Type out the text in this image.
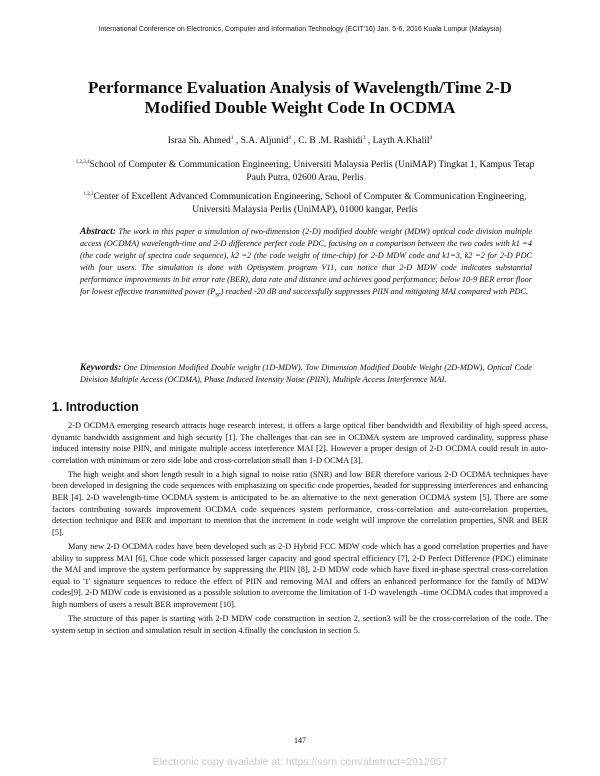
International Conference on Electronics, Computer and Information Technology (ECIT'16) Jan. 5-6, 2016 Kuala Lumpur (Malaysia)
Performance Evaluation Analysis of Wavelength/Time 2-D
Modified Double Weight Code In OCDMA
Israa Sh. Ahmed$^1$ , S.A. Aljunid$^2$ , C. B .M. Rashidi$^3$ , Layth A.Khalil$^4$
$^{1,2,3,4}$School of Computer & Communication Engineering, Universiti Malaysia Perlis (UniMAP) Tingkat 1, Kampus Tetap Pauh Putra, 02600 Arau, Perlis
$^{1,2,3}$Center of Excellent Advanced Communication Engineering, School of Computer & Communication Engineering, Universiti Malaysia Perlis (UniMAP), 01000 kangar, Perlis
Abstract: The work in this paper a simulation of two-dimension (2-D) modified double weight (MDW) optical code division multiple access (OCDMA) wavelength-time and 2-D difference perfect code PDC, focusing on a comparison between the two codes with k1 =4 (the code weight of spectra code sequence), k2 =2 (the code weight of time-chip) for 2-D MDW code and k1=3, k2 =2 for 2-D PDC with four users. The simulation is done with Optisystem program V11, can notice that 2-D MDW code indicates substantial performance improvements in bit error rate (BER), data rate and distance and achieves good performance; below 10-9 BER error floor for lowest effective transmitted power $(P_{sr})$ reached -20 dB and successfully suppresses PIIN and mitigating MAI compared with PDC.
Keywords: One Dimension Modified Double weight (1D-MDW). Tow Dimension Modified Double Weight (2D-MDW), Optical Code Division Multiple Access (OCDMA), Phase Induced Intensity Noise (PIIN), Multiple Access Interference MAI.
1. Introduction

2-D OCDMA emerging research attracts huge research interest, it offers a large optical fiber bandwidth and flexibility of high speed access, dynamic bandwidth assignment and high security [1]. The challenges that can see in OCDMA system are improved cardinality, suppress phase induced intensity noise PIIN, and mitigate multiple access interference MAI [2]. However a proper design of 2-D OCDMA could result in auto-correlation with minimum or zero side lobe and cross-correlation small than 1-D OCMA [3].

The high weight and short length result in a high signal to noise ratio (SNR) and low BER therefore various 2-D OCDMA techniques have been developed in designing the code sequences with emphasizing on specific code properties, headed for suppressing interferences and enhancing BER [4]. 2-D wavelength-time OCDMA system is anticipated to be an alternative to the next generation OCDMA system [5]. There are some factors contributing towards improvement OCDMA code sequences system performance, cross-correlation and auto-correlation properties, detection technique and BER and important to mention that the increment in code weight will improve the correlation properties, SNR and BER [5].

Many new 2-D OCDMA codes have been developed such as 2-D Hybrid FCC MDW code which has a good correlation properties and have ability to suppress MAI [6], Choe code which possessed larger capacity and good spectral efficiency [7], 2-D Perfect Difference (PDC) eliminate the MAI and improve the system performance by suppressing the PIIN [8], 2-D MDW code which have fixed in-phase spectral cross-correlation equal to '1' signature sequences to reduce the effect of PIIN and removing MAI and offers an enhanced performance for the family of MDW codes[9]. 2-D MDW code is envisioned as a possible solution to overcome the limitation of 1-D wavelength –time OCDMA codes that improved a high numbers of users a result BER improvement [10].

The structure of this paper is starting with 2-D MDW code construction in section 2, section3 will be the cross-correlation of the code. The system setup in section and simulation result in section 4.finally the conclusion in section 5.

147
Electronic copy available at: https://ssrn.com/abstract=2912057
